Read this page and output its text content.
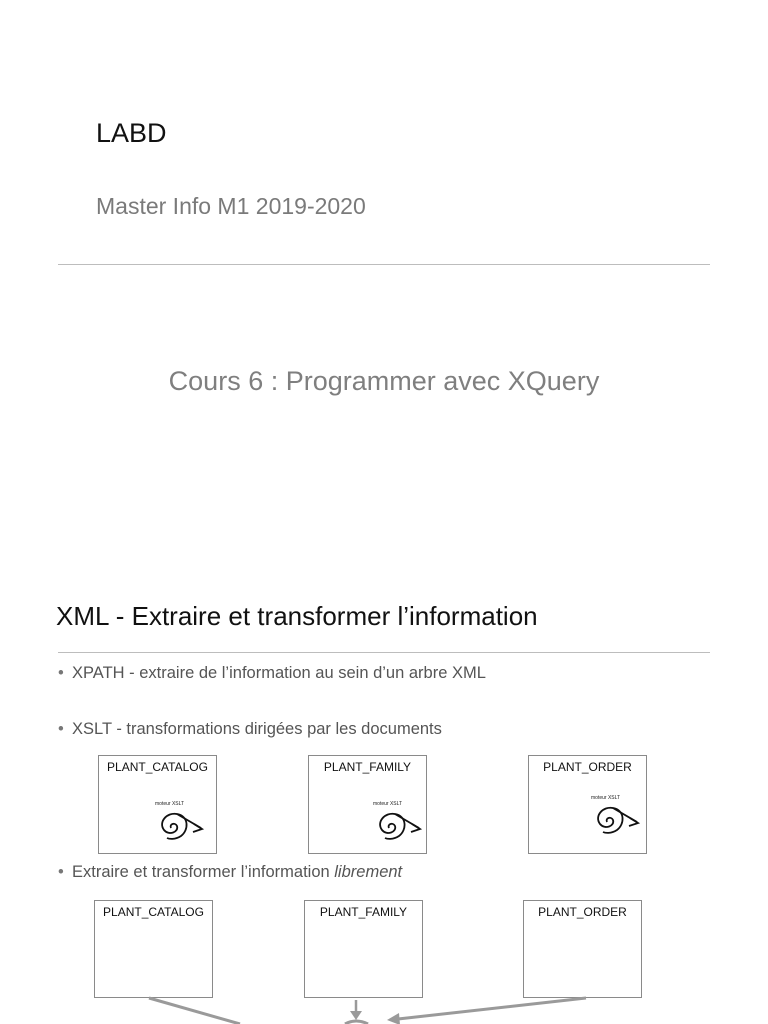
LABD
Master Info M1 2019-2020
Cours 6 : Programmer avec XQuery
XML - Extraire et transformer l’information
• XPATH - extraire de l’information au sein d’un arbre XML
• XSLT - transformations dirigées par les documents
PLANT_CATALOG
moteur XSLT
PLANT_FAMILY
moteur XSLT
PLANT_ORDER
moteur XSLT
• Extraire et transformer l’information librement
PLANT_CATALOG	PLANT_FAMILY	PLANT_ORDER
